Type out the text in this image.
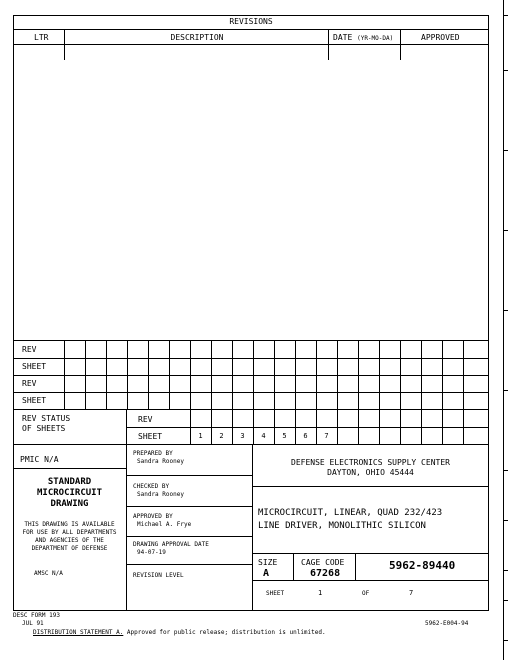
REVISIONS
LTR	DESCRIPTION	DATE (YR-MO-DA)	APPROVED
REV
SHEET
REV
SHEET
REV STATUS
OF SHEETS
REV
SHEET	1	2	3	4	5	6	7
PMIC N/A
STANDARD
MICROCIRCUIT
DRAWING
THIS DRAWING IS AVAILABLE
FOR USE BY ALL DEPARTMENTS
AND AGENCIES OF THE
DEPARTMENT OF DEFENSE
AMSC N/A
PREPARED BY
Sandra Rooney
CHECKED BY
Sandra Rooney
APPROVED BY
Michael A. Frye
DRAWING APPROVAL DATE
94-07-19
REVISION LEVEL
DEFENSE ELECTRONICS SUPPLY CENTER
DAYTON, OHIO 45444
MICROCIRCUIT, LINEAR, QUAD 232/423
LINE DRIVER, MONOLITHIC SILICON
SIZE
A
CAGE CODE
67268
5962-89440
SHEET	1	OF	7
DESC FORM 193
JUL 91
DISTRIBUTION STATEMENT A. Approved for public release; distribution is unlimited.
5962-E004-94
